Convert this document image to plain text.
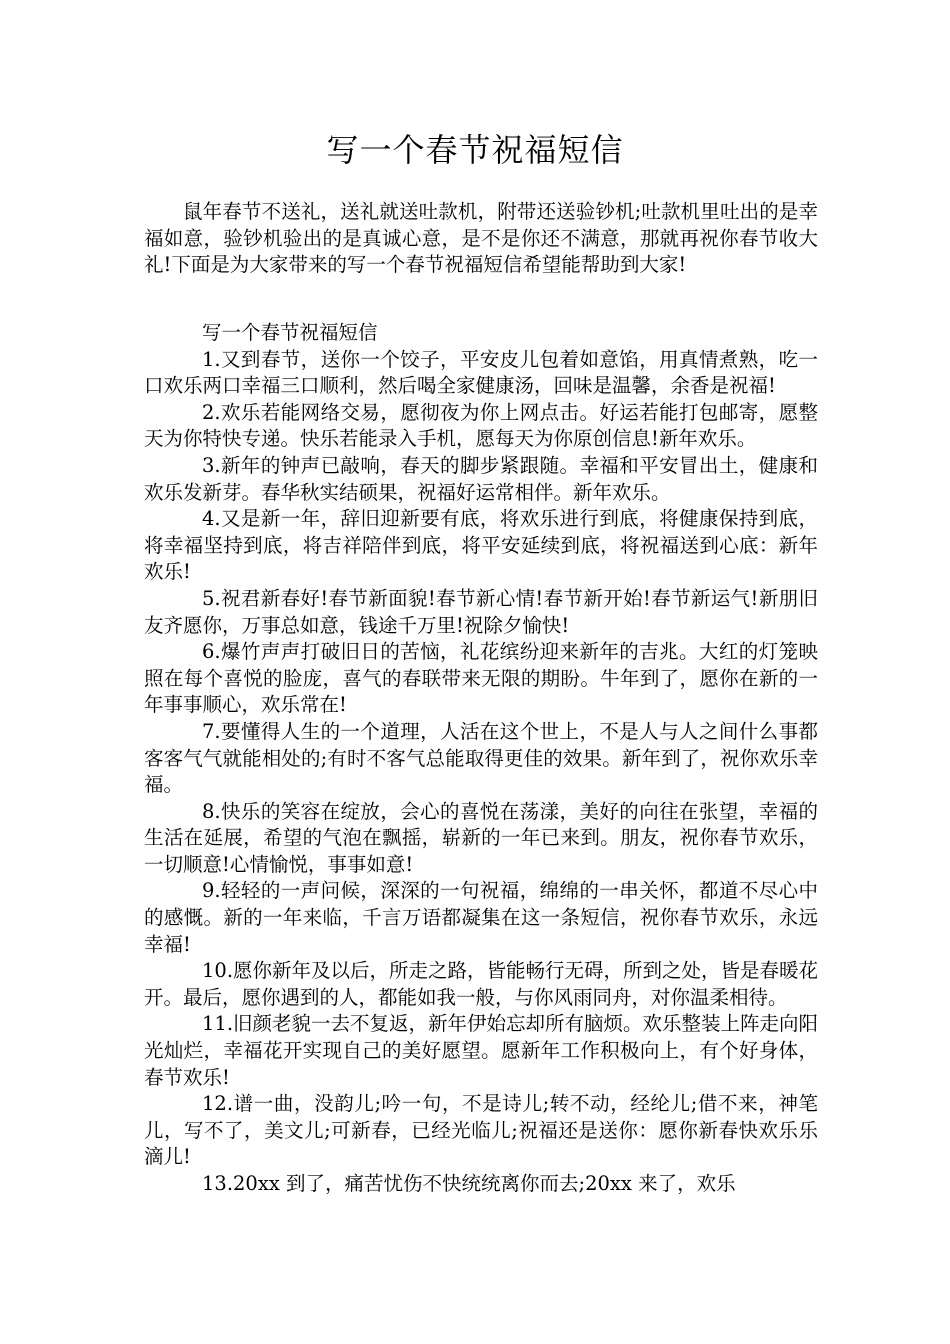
写一个春节祝福短信

鼠年春节不送礼，送礼就送吐款机，附带还送验钞机;吐款机里吐出的是幸福如意，验钞机验出的是真诚心意，是不是你还不满意，那就再祝你春节收大礼!下面是为大家带来的写一个春节祝福短信希望能帮助到大家!

写一个春节祝福短信

1.又到春节，送你一个饺子，平安皮儿包着如意馅，用真情煮熟，吃一口欢乐两口幸福三口顺利，然后喝全家健康汤，回味是温馨，余香是祝福!

2.欢乐若能网络交易，愿彻夜为你上网点击。好运若能打包邮寄，愿整天为你特快专递。快乐若能录入手机，愿每天为你原创信息!新年欢乐。

3.新年的钟声已敲响，春天的脚步紧跟随。幸福和平安冒出土，健康和欢乐发新芽。春华秋实结硕果，祝福好运常相伴。新年欢乐。

4.又是新一年，辞旧迎新要有底，将欢乐进行到底，将健康保持到底，将幸福坚持到底，将吉祥陪伴到底，将平安延续到底，将祝福送到心底：新年欢乐!

5.祝君新春好!春节新面貌!春节新心情!春节新开始!春节新运气!新朋旧友齐愿你，万事总如意，钱途千万里!祝除夕愉快!

6.爆竹声声打破旧日的苦恼，礼花缤纷迎来新年的吉兆。大红的灯笼映照在每个喜悦的脸庞，喜气的春联带来无限的期盼。牛年到了，愿你在新的一年事事顺心，欢乐常在!

7.要懂得人生的一个道理，人活在这个世上，不是人与人之间什么事都客客气气就能相处的;有时不客气总能取得更佳的效果。新年到了，祝你欢乐幸福。

8.快乐的笑容在绽放，会心的喜悦在荡漾，美好的向往在张望，幸福的生活在延展，希望的气泡在飘摇，崭新的一年已来到。朋友，祝你春节欢乐，一切顺意!心情愉悦，事事如意!

9.轻轻的一声问候，深深的一句祝福，绵绵的一串关怀，都道不尽心中的感慨。新的一年来临，千言万语都凝集在这一条短信，祝你春节欢乐，永远幸福!

10.愿你新年及以后，所走之路，皆能畅行无碍，所到之处，皆是春暖花开。最后，愿你遇到的人，都能如我一般，与你风雨同舟，对你温柔相待。

11.旧颜老貌一去不复返，新年伊始忘却所有脑烦。欢乐整装上阵走向阳光灿烂，幸福花开实现自己的美好愿望。愿新年工作积极向上，有个好身体，春节欢乐!

12.谱一曲，没韵儿;吟一句，不是诗儿;转不动，经纶儿;借不来，神笔儿，写不了，美文儿;可新春，已经光临儿;祝福还是送你：愿你新春快欢乐乐滴儿!

13.20xx 到了，痛苦忧伤不快统统离你而去;20xx 来了，欢乐
